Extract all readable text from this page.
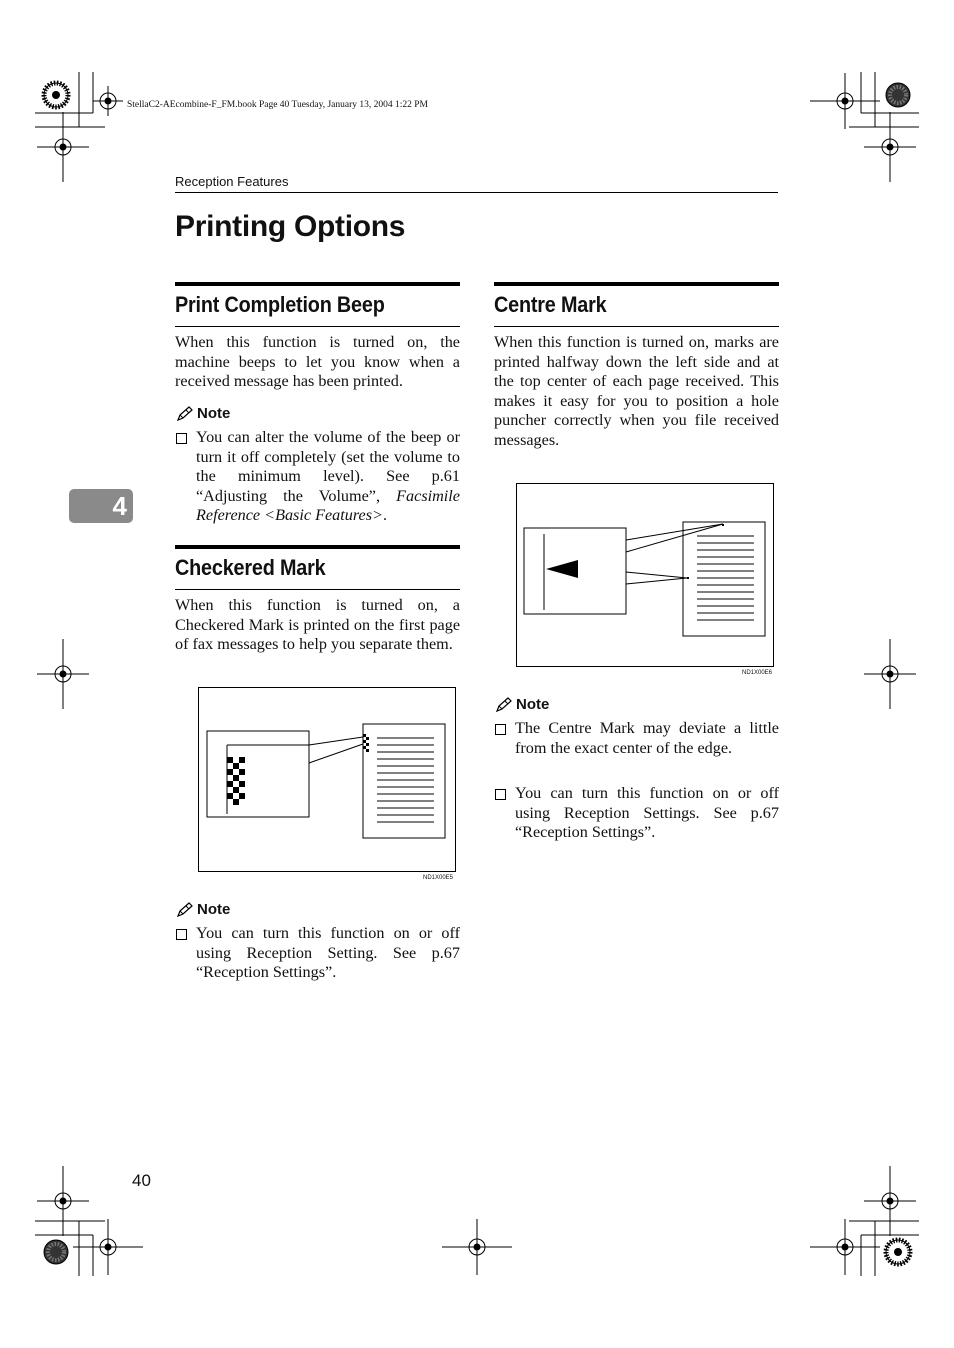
StellaC2-AEcombine-F_FM.book Page 40 Tuesday, January 13, 2004 1:22 PM
Reception Features
Printing Options
4
Print Completion Beep

When this function is turned on, the machine beeps to let you know when a received message has been printed.

Note
You can alter the volume of the beep or turn it off completely (set the volume to the minimum level). See p.61 “Adjusting the Volume”, Facsimile Reference <Basic Features>.
Checkered Mark

When this function is turned on, a Checkered Mark is printed on the first page of fax messages to help you separate them.

ND1X00E5
Note
You can turn this function on or off using Reception Setting. See p.67 “Reception Settings”.
Centre Mark

When this function is turned on, marks are printed halfway down the left side and at the top center of each page received. This makes it easy for you to position a hole puncher correctly when you file received messages.

ND1X00E6
Note
The Centre Mark may deviate a little from the exact center of the edge.
You can turn this function on or off using Reception Settings. See p.67 “Reception Settings”.
40
